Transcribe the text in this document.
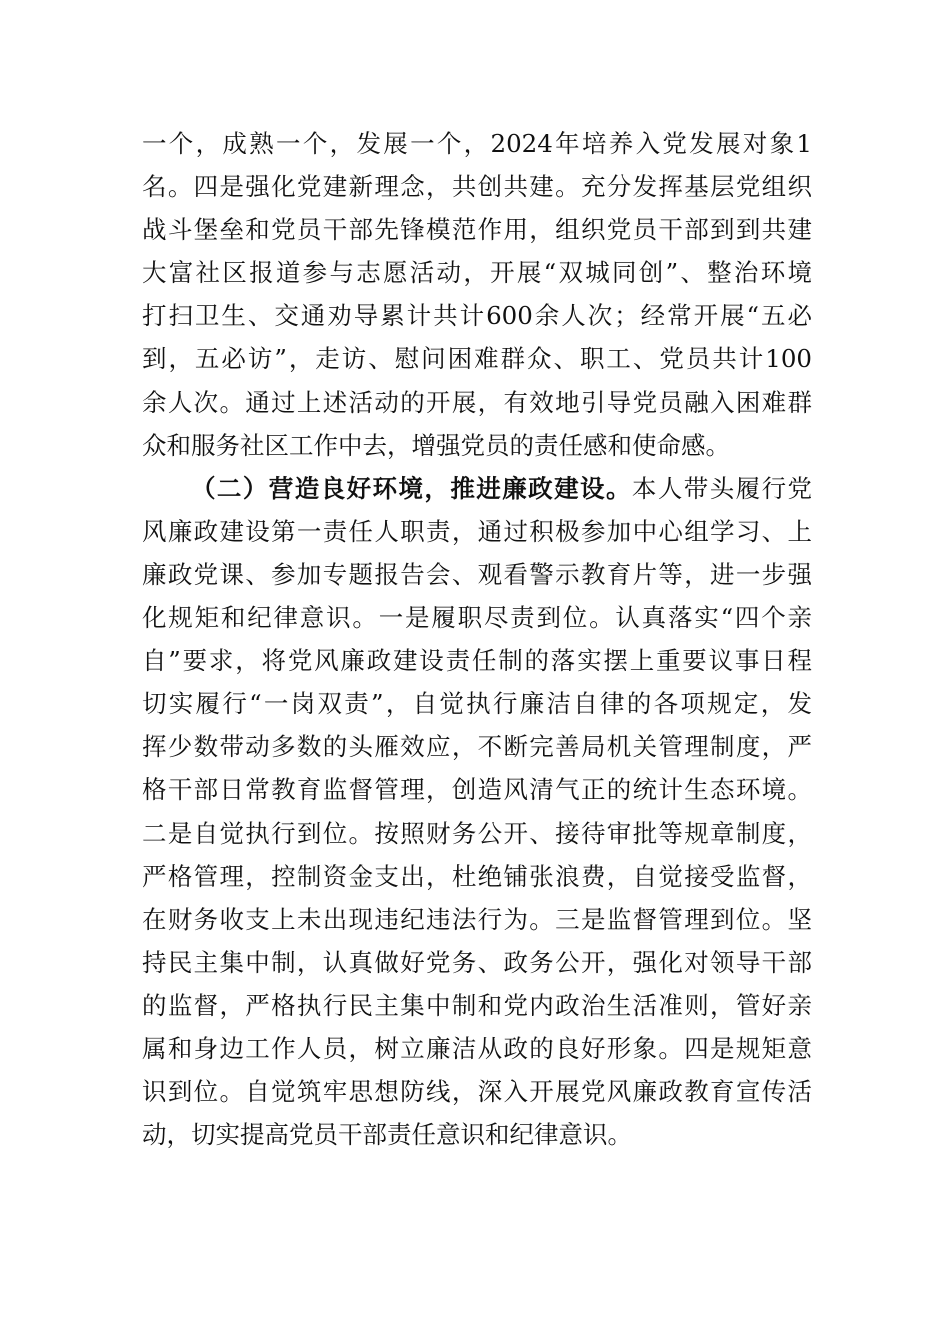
一个，成熟一个，发展一个，2024年培养入党发展对象1
名。四是强化党建新理念，共创共建。充分发挥基层党组织
战斗堡垒和党员干部先锋模范作用，组织党员干部到到共建
大富社区报道参与志愿活动，开展“双城同创”、整治环境
打扫卫生、交通劝导累计共计600余人次；经常开展“五必
到，五必访”，走访、慰问困难群众、职工、党员共计100
余人次。通过上述活动的开展，有效地引导党员融入困难群
众和服务社区工作中去，增强党员的责任感和使命感。
（二）营造良好环境，推进廉政建设。本人带头履行党
风廉政建设第一责任人职责，通过积极参加中心组学习、上
廉政党课、参加专题报告会、观看警示教育片等，进一步强
化规矩和纪律意识。一是履职尽责到位。认真落实“四个亲
自”要求，将党风廉政建设责任制的落实摆上重要议事日程
切实履行“一岗双责”，自觉执行廉洁自律的各项规定，发
挥少数带动多数的头雁效应，不断完善局机关管理制度，严
格干部日常教育监督管理，创造风清气正的统计生态环境。
二是自觉执行到位。按照财务公开、接待审批等规章制度，
严格管理，控制资金支出，杜绝铺张浪费，自觉接受监督，
在财务收支上未出现违纪违法行为。三是监督管理到位。坚
持民主集中制，认真做好党务、政务公开，强化对领导干部
的监督，严格执行民主集中制和党内政治生活准则，管好亲
属和身边工作人员，树立廉洁从政的良好形象。四是规矩意
识到位。自觉筑牢思想防线，深入开展党风廉政教育宣传活
动，切实提高党员干部责任意识和纪律意识。
